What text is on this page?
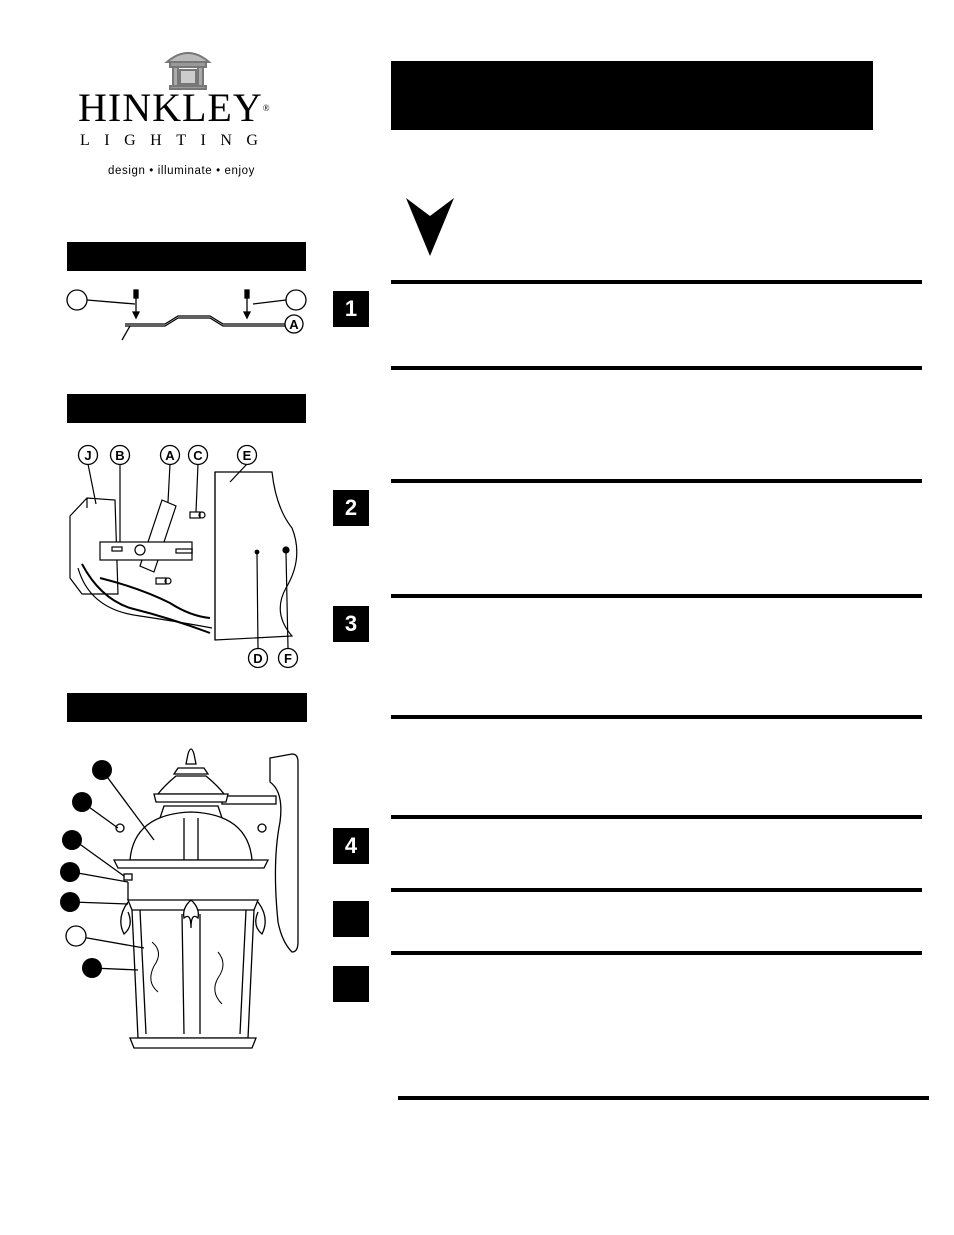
HINKLEY®
LIGHTING
design • illuminate • enjoy
1
2
3
4
A
J B	A C	E
D F
